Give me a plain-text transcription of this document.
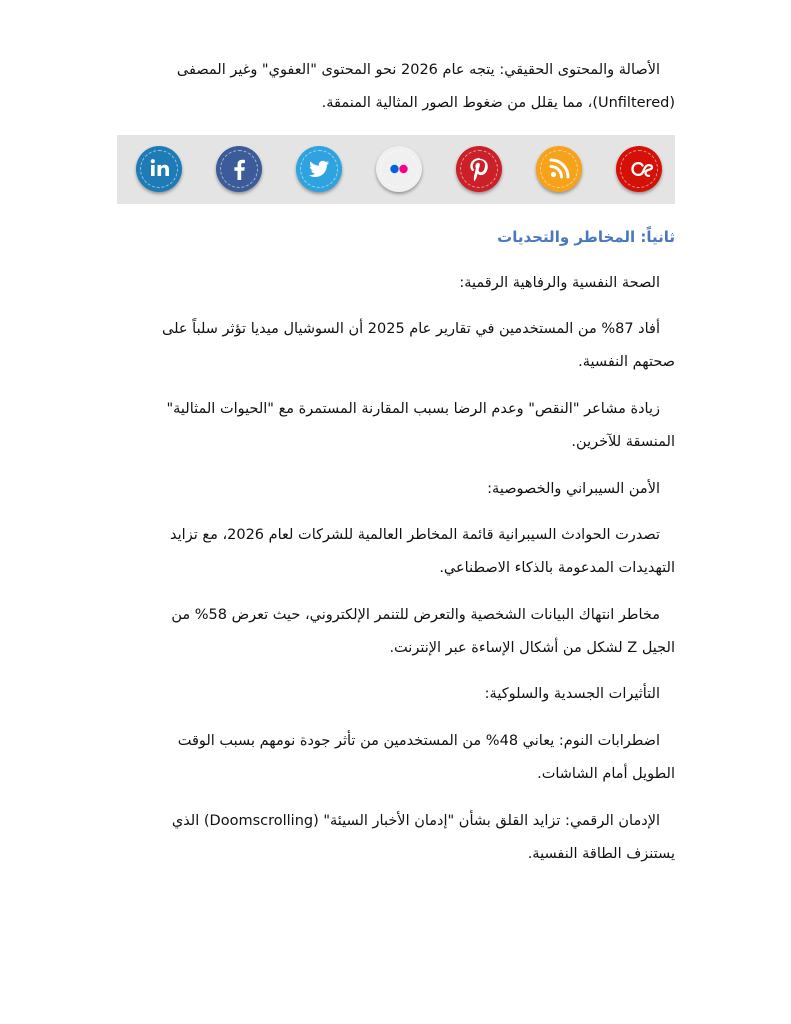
الأصالة والمحتوى الحقيقي: يتجه عام 2026 نحو المحتوى "العفوي" وغير المصفى
(Unfiltered)، مما يقلل من ضغوط الصور المثالية المنمقة.

ثانياً: المخاطر والتحديات

الصحة النفسية والرفاهية الرقمية:

أفاد 87% من المستخدمين في تقارير عام 2025 أن السوشيال ميديا تؤثر سلباً على
صحتهم النفسية.

زيادة مشاعر "النقص" وعدم الرضا بسبب المقارنة المستمرة مع "الحيوات المثالية"
المنسقة للآخرين.

الأمن السيبراني والخصوصية:

تصدرت الحوادث السيبرانية قائمة المخاطر العالمية للشركات لعام 2026، مع تزايد
التهديدات المدعومة بالذكاء الاصطناعي.

مخاطر انتهاك البيانات الشخصية والتعرض للتنمر الإلكتروني، حيث تعرض 58% من
الجيل Z لشكل من أشكال الإساءة عبر الإنترنت.

التأثيرات الجسدية والسلوكية:

اضطرابات النوم: يعاني 48% من المستخدمين من تأثر جودة نومهم بسبب الوقت
الطويل أمام الشاشات.

الإدمان الرقمي: تزايد القلق بشأن "إدمان الأخبار السيئة" (Doomscrolling) الذي
يستنزف الطاقة النفسية.
